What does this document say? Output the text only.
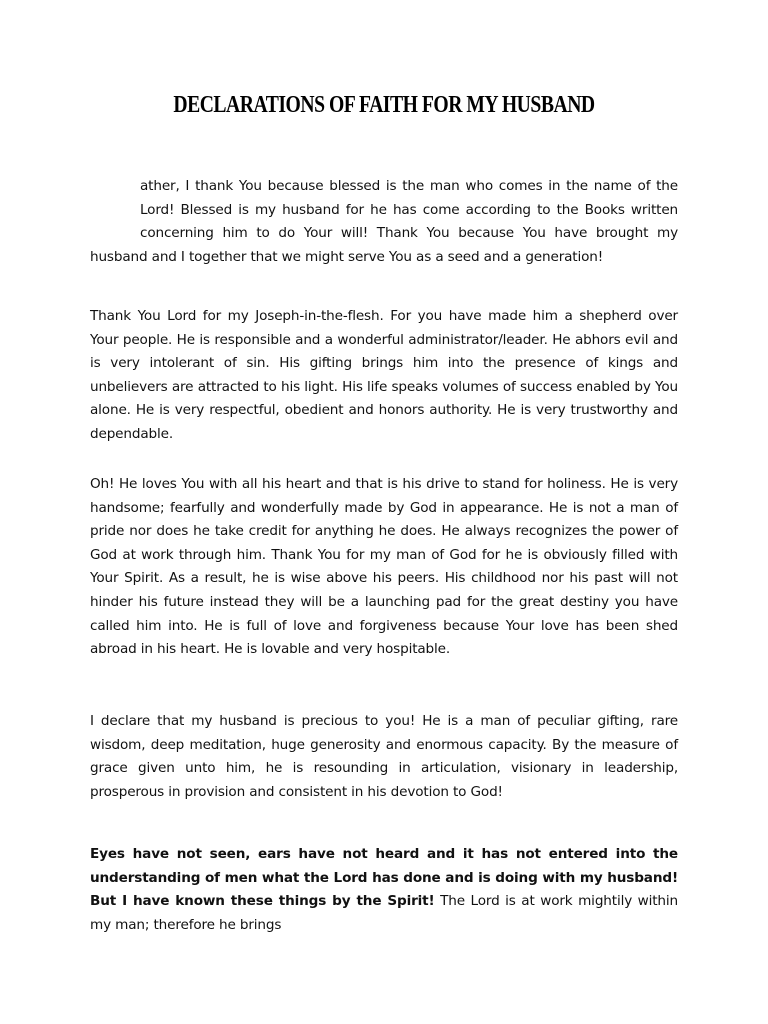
DECLARATIONS OF FAITH FOR MY HUSBAND
ather, I thank You because blessed is the man who comes in the name of the
Lord! Blessed is my husband for he has come according to the Books written
concerning him to do Your will! Thank You because You have brought my
husband and I together that we might serve You as a seed and a generation!

Thank You Lord for my Joseph-in-the-flesh. For you have made him a shepherd over Your people. He is responsible and a wonderful administrator/leader. He abhors evil and is very intolerant of sin. His gifting brings him into the presence of kings and unbelievers are attracted to his light. His life speaks volumes of success enabled by You alone. He is very respectful, obedient and honors authority. He is very trustworthy and dependable.

Oh! He loves You with all his heart and that is his drive to stand for holiness. He is very handsome; fearfully and wonderfully made by God in appearance. He is not a man of pride nor does he take credit for anything he does. He always recognizes the power of God at work through him. Thank You for my man of God for he is obviously filled with Your Spirit. As a result, he is wise above his peers. His childhood nor his past will not hinder his future instead they will be a launching pad for the great destiny you have called him into. He is full of love and forgiveness because Your love has been shed abroad in his heart. He is lovable and very hospitable.

I declare that my husband is precious to you! He is a man of peculiar gifting, rare wisdom, deep meditation, huge generosity and enormous capacity. By the measure of grace given unto him, he is resounding in articulation, visionary in leadership, prosperous in provision and consistent in his devotion to God!

Eyes have not seen, ears have not heard and it has not entered into the understanding of men what the Lord has done and is doing with my husband! But I have known these things by the Spirit! The Lord is at work mightily within my man; therefore he brings
